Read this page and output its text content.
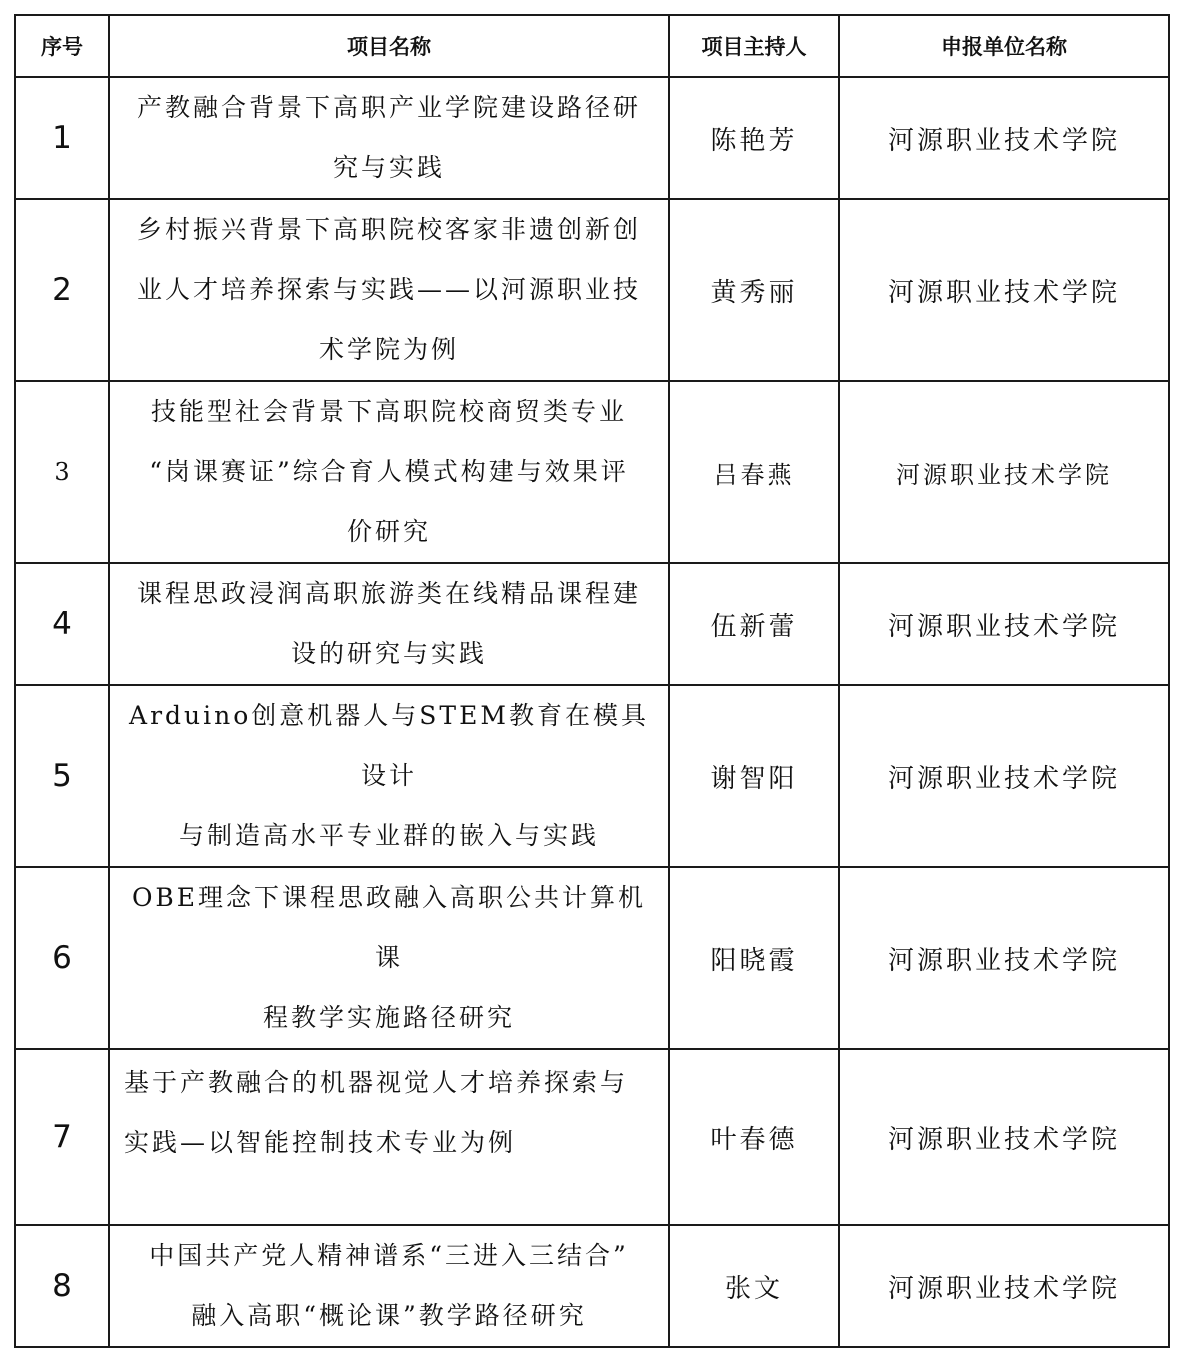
序号	项目名称	项目主持人	申报单位名称
1	产教融合背景下高职产业学院建设路径研
究与实践	陈艳芳	河源职业技术学院
2	乡村振兴背景下高职院校客家非遗创新创
业人才培养探索与实践——以河源职业技
术学院为例	黄秀丽	河源职业技术学院
3	技能型社会背景下高职院校商贸类专业
“岗课赛证”综合育人模式构建与效果评
价研究	吕春燕	河源职业技术学院
4	课程思政浸润高职旅游类在线精品课程建
设的研究与实践	伍新蕾	河源职业技术学院
5	Arduino创意机器人与STEM教育在模具设计
与制造高水平专业群的嵌入与实践	谢智阳	河源职业技术学院
6	OBE理念下课程思政融入高职公共计算机课
程教学实施路径研究	阳晓霞	河源职业技术学院
7	基于产教融合的机器视觉人才培养探索与
实践—以智能控制技术专业为例	叶春德	河源职业技术学院
8	中国共产党人精神谱系“三进入三结合”
融入高职“概论课”教学路径研究	张文	河源职业技术学院
